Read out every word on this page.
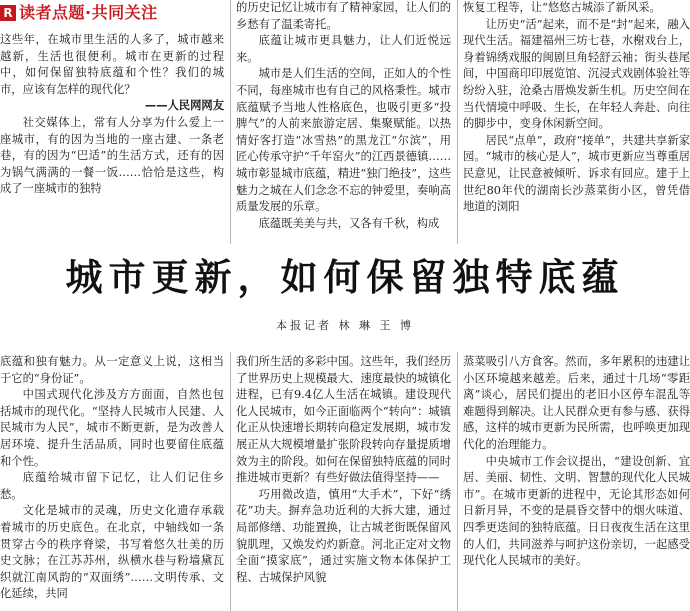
R 读者点题·共同关注

这些年，在城市里生活的人多了，城市越来越新，生活也很便利。城市在更新的过程中，如何保留独特底蕴和个性？我们的城市，应该有怎样的现代化？

——人民网网友

社交媒体上，常有人分享为什么爱上一座城市，有的因为当地的一座古建、一条老巷，有的因为“巴适”的生活方式，还有的因为锅气满满的一餐一饭……恰恰是这些，构成了一座城市的独特

的历史记忆让城市有了精神家园，让人们的乡愁有了温柔寄托。

底蕴让城市更具魅力，让人们近悦远来。

城市是人们生活的空间，正如人的个性不同，每座城市也有自己的风格秉性。城市底蕴赋予当地人性格底色，也吸引更多“投脾气”的人前来旅游定居、集聚赋能。以热情好客打造“冰雪热”的黑龙江“尔滨”，用匠心传承守护“千年窑火”的江西景德镇……城市彰显城市底蕴，精进“独门绝技”，这些魅力之城在人们念念不忘的钟爱里，奏响高质量发展的乐章。

底蕴既美美与共，又各有千秋，构成

恢复工程等，让“悠悠古城添了新风采。

让历史“活”起来，而不是“封”起来，融入现代生活。福建福州三坊七巷，水榭戏台上，身着锦绣戏服的闽剧旦角轻舒云袖；街头巷尾间，中国商印印展览馆、沉浸式戏剧体验社等纷纷入驻，沧桑古厝焕发新生机。历史空间在当代情境中呼吸、生长，在年轻人奔赴、向往的脚步中，变身休闲新空间。

居民“点单”，政府“接单”，共建共享新家园。“城市的核心是人”，城市更新应当尊重居民意见，让民意被倾听、诉求有回应。建于上世纪80年代的湖南长沙蒸菜街小区，曾凭借地道的浏阳

城市更新，如何保留独特底蕴
本报记者 林 琳 王 博

底蕴和独有魅力。从一定意义上说，这相当于它的“身份证”。

中国式现代化涉及方方面面，自然也包括城市的现代化。“坚持人民城市人民建、人民城市为人民”，城市不断更新，是为改善人居环境、提升生活品质，同时也要留住底蕴和个性。

底蕴给城市留下记忆，让人们记住乡愁。

文化是城市的灵魂，历史文化遗存承载着城市的历史底色。在北京，中轴线如一条贯穿古今的秩序脊梁，书写着悠久壮美的历史文脉；在江苏苏州，纵横水巷与粉墙黛瓦织就江南风韵的“双面绣”……文明传承、文化延续，共同

我们所生活的多彩中国。这些年，我们经历了世界历史上规模最大、速度最快的城镇化进程，已有9.4亿人生活在城镇。建设现代化人民城市，如今正面临两个“转向”：城镇化正从快速增长期转向稳定发展期，城市发展正从大规模增量扩张阶段转向存量提质增效为主的阶段。如何在保留独特底蕴的同时推进城市更新？有些好做法值得坚持——

巧用微改造，慎用“大手术”，下好“绣花”功夫。摒弃急功近利的大拆大建，通过局部修缮、功能置换，让古城老街既保留风貌肌理，又焕发灼灼新意。河北正定对文物全面“摸家底”，通过实施文物本体保护工程、古城保护风貌

蒸菜吸引八方食客。然而，多年累积的违建让小区环境越来越差。后来，通过十几场“零距离”谈心，居民们提出的老旧小区停车混乱等难题得到解决。让人民群众更有参与感、获得感，这样的城市更新为民所需，也呼唤更加现代化的治理能力。

中央城市工作会议提出，“建设创新、宜居、美丽、韧性、文明、智慧的现代化人民城市”。在城市更新的进程中，无论其形态如何日新月异，不变的是晨昏交替中的烟火味道、四季更迭间的独特底蕴。日日夜夜生活在这里的人们，共同滋养与呵护这份亲切，一起感受现代化人民城市的美好。
